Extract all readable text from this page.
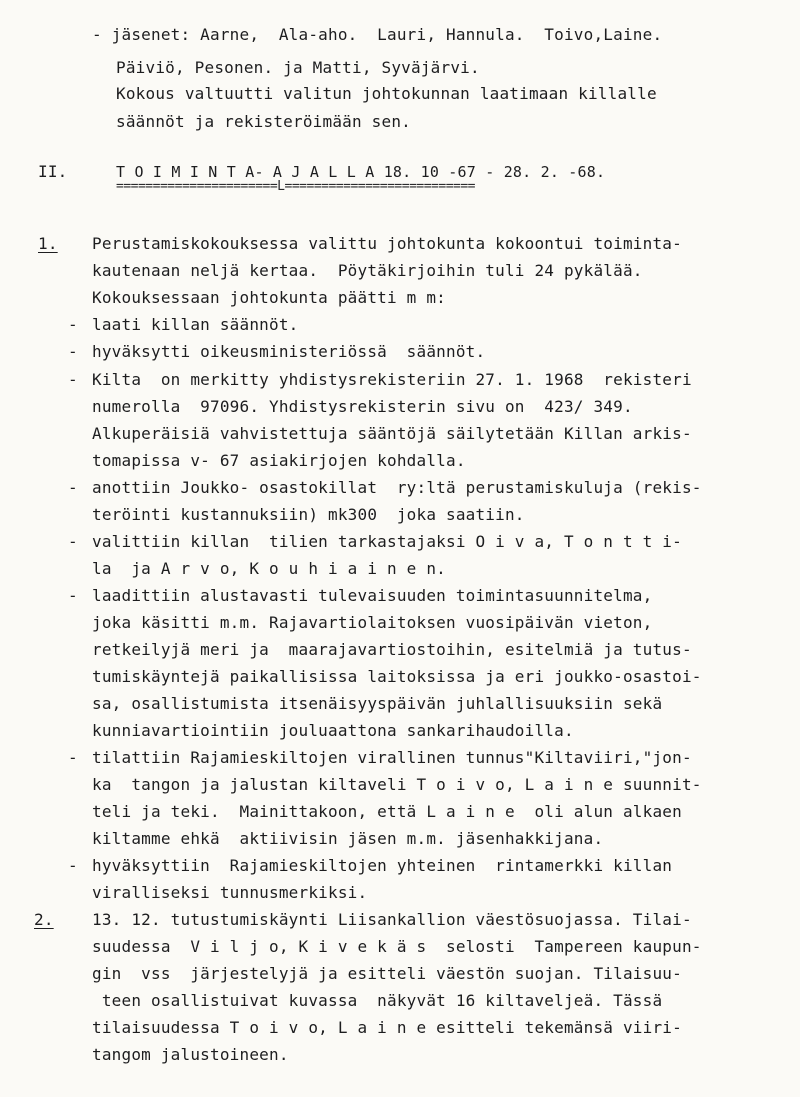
- jäsenet: Aarne,  Ala-aho.  Lauri, Hannula.  Toivo,Laine.
Päiviö, Pesonen. ja Matti, Syväjärvi.
Kokous valtuutti valitun johtokunnan laatimaan killalle
säännöt ja rekisteröimään sen.
II.	T O I M I N T A- A J A L L A 18. 10 -67 - 28. 2. -68.
======================L==========================
1. Perustamiskokouksessa valittu johtokunta kokoontui toiminta-
kautenaan neljä kertaa.  Pöytäkirjoihin tuli 24 pykälää.
Kokouksessaan johtokunta päätti m m:
- laati killan säännöt.
- hyväksytti oikeusministeriössä  säännöt.
- Kilta  on merkitty yhdistysrekisteriin 27. 1. 1968  rekisteri
numerolla  97096. Yhdistysrekisterin sivu on  423/ 349.
Alkuperäisiä vahvistettuja sääntöjä säilytetään Killan arkis-
tomapissa v- 67 asiakirjojen kohdalla.
- anottiin Joukko- osastokillat  ry:ltä perustamiskuluja (rekis-
teröinti kustannuksiin) mk300  joka saatiin.
- valittiin killan  tilien tarkastajaksi O i v a, T o n t t i-
la  ja A r v o, K o u h i a i n e n.
- laadittiin alustavasti tulevaisuuden toimintasuunnitelma,
joka käsitti m.m. Rajavartiolaitoksen vuosipäivän vieton,
retkeilyjä meri ja  maarajavartiostoihin, esitelmiä ja tutus-
tumiskäyntejä paikallisissa laitoksissa ja eri joukko-osastoi-
sa, osallistumista itsenäisyyspäivän juhlallisuuksiin sekä
kunniavartiointiin jouluaattona sankarihaudoilla.
- tilattiin Rajamieskiltojen virallinen tunnus"Kiltaviiri,"jon-
ka  tangon ja jalustan kiltaveli T o i v o, L a i n e suunnit-
teli ja teki.  Mainittakoon, että L a i n e  oli alun alkaen
kiltamme ehkä  aktiivisin jäsen m.m. jäsenhakkijana.
- hyväksyttiin  Rajamieskiltojen yhteinen  rintamerkki killan
viralliseksi tunnusmerkiksi.
2. 13. 12. tutustumiskäynti Liisankallion väestösuojassa. Tilai-
suudessa  V i l j o, K i v e k ä s  selosti  Tampereen kaupun-
gin  vss  järjestelyjä ja esitteli väestön suojan. Tilaisuu-
teen osallistuivat kuvassa  näkyvät 16 kiltaveljeä. Tässä
tilaisuudessa T o i v o, L a i n e esitteli tekemänsä viiri-
tangom jalustoineen.
